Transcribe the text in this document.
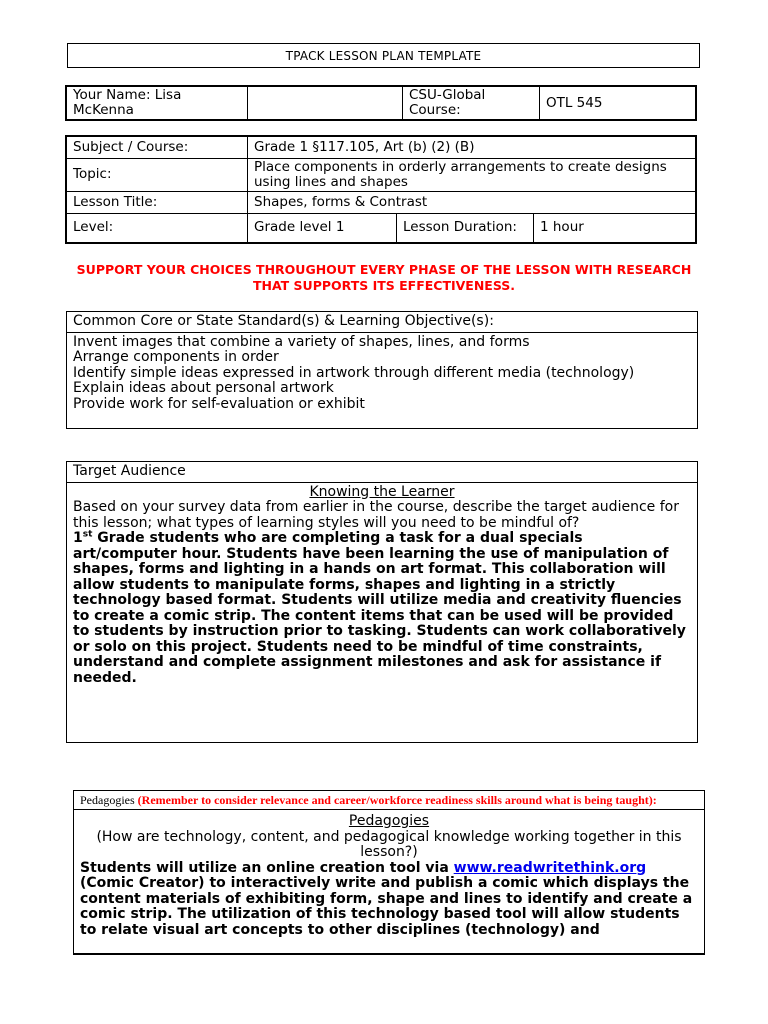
TPACK LESSON PLAN TEMPLATE
Your Name: Lisa McKenna		CSU-Global Course:	OTL 545
Subject / Course:	Grade 1 §117.105, Art (b) (2) (B)		
Topic:	Place components in orderly arrangements to create designs using lines and shapes		
Lesson Title:	Shapes, forms & Contrast		
Level:	Grade level 1	Lesson Duration:	1 hour
SUPPORT YOUR CHOICES THROUGHOUT EVERY PHASE OF THE LESSON WITH RESEARCH THAT SUPPORTS ITS EFFECTIVENESS.
Common Core or State Standard(s) & Learning Objective(s):
Invent images that combine a variety of shapes, lines, and forms
Arrange components in order
Identify simple ideas expressed in artwork through different media (technology)
Explain ideas about personal artwork
Provide work for self-evaluation or exhibit
Target Audience
Knowing the Learner
Based on your survey data from earlier in the course, describe the target audience for this lesson; what types of learning styles will you need to be mindful of?
1st Grade students who are completing a task for a dual specials art/computer hour. Students have been learning the use of manipulation of shapes, forms and lighting in a hands on art format. This collaboration will allow students to manipulate forms, shapes and lighting in a strictly technology based format. Students will utilize media and creativity fluencies to create a comic strip. The content items that can be used will be provided to students by instruction prior to tasking. Students can work collaboratively or solo on this project. Students need to be mindful of time constraints, understand and complete assignment milestones and ask for assistance if needed.
Pedagogies (Remember to consider relevance and career/workforce readiness skills around what is being taught):
Pedagogies
(How are technology, content, and pedagogical knowledge working together in this lesson?)
Students will utilize an online creation tool via www.readwritethink.org (Comic Creator) to interactively write and publish a comic which displays the content materials of exhibiting form, shape and lines to identify and create a comic strip. The utilization of this technology based tool will allow students to relate visual art concepts to other disciplines (technology) and
